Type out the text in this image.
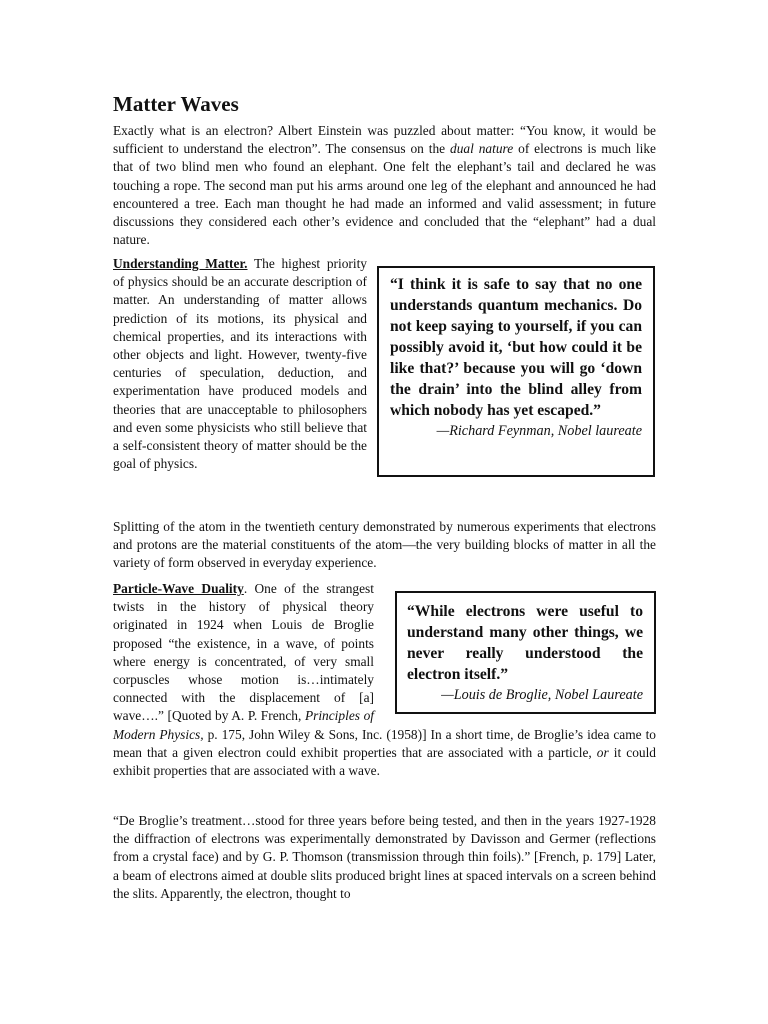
Matter Waves

Exactly what is an electron? Albert Einstein was puzzled about matter: “You know, it would be sufficient to understand the electron”. The consensus on the dual nature of electrons is much like that of two blind men who found an elephant. One felt the elephant’s tail and declared he was touching a rope. The second man put his arms around one leg of the elephant and announced he had encountered a tree. Each man thought he had made an informed and valid assessment; in future discussions they considered each other’s evidence and concluded that the “elephant” had a dual nature.

Understanding Matter. The highest priority of physics should be an accurate description of matter. An understanding of matter allows prediction of its motions, its physical and chemical properties, and its interactions with other objects and light. However, twenty-five centuries of speculation, deduction, and experimentation have produced models and theories that are unacceptable to philosophers and even some physicists who still believe that a self-consistent theory of matter should be the goal of physics.

“I think it is safe to say that no one understands quantum mechanics. Do not keep saying to yourself, if you can possibly avoid it, ‘but how could it be like that?’ because you will go ‘down the drain’ into the blind alley from which nobody has yet escaped.”
—Richard Feynman, Nobel laureate

Splitting of the atom in the twentieth century demonstrated by numerous experiments that electrons and protons are the material constituents of the atom—the very building blocks of matter in all the variety of form observed in everyday experience.

Particle-Wave Duality. One of the strangest twists in the history of physical theory originated in 1924 when Louis de Broglie proposed “the existence, in a wave, of points where energy is concentrated, of very small corpuscles whose motion is…intimately connected with the displacement of [a] wave….” [Quoted by A. P. French, Principles of Modern Physics, p. 175, John Wiley & Sons, Inc. (1958)] In a short time, de Broglie’s idea came to mean that a given electron could exhibit properties that are associated with a particle, or it could exhibit properties that are associated with a wave.

“While electrons were useful to understand many other things, we never really understood the electron itself.”
—Louis de Broglie, Nobel Laureate

“De Broglie’s treatment…stood for three years before being tested, and then in the years 1927-1928 the diffraction of electrons was experimentally demonstrated by Davisson and Germer (reflections from a crystal face) and by G. P. Thomson (transmission through thin foils).” [French, p. 179] Later, a beam of electrons aimed at double slits produced bright lines at spaced intervals on a screen behind the slits. Apparently, the electron, thought to
